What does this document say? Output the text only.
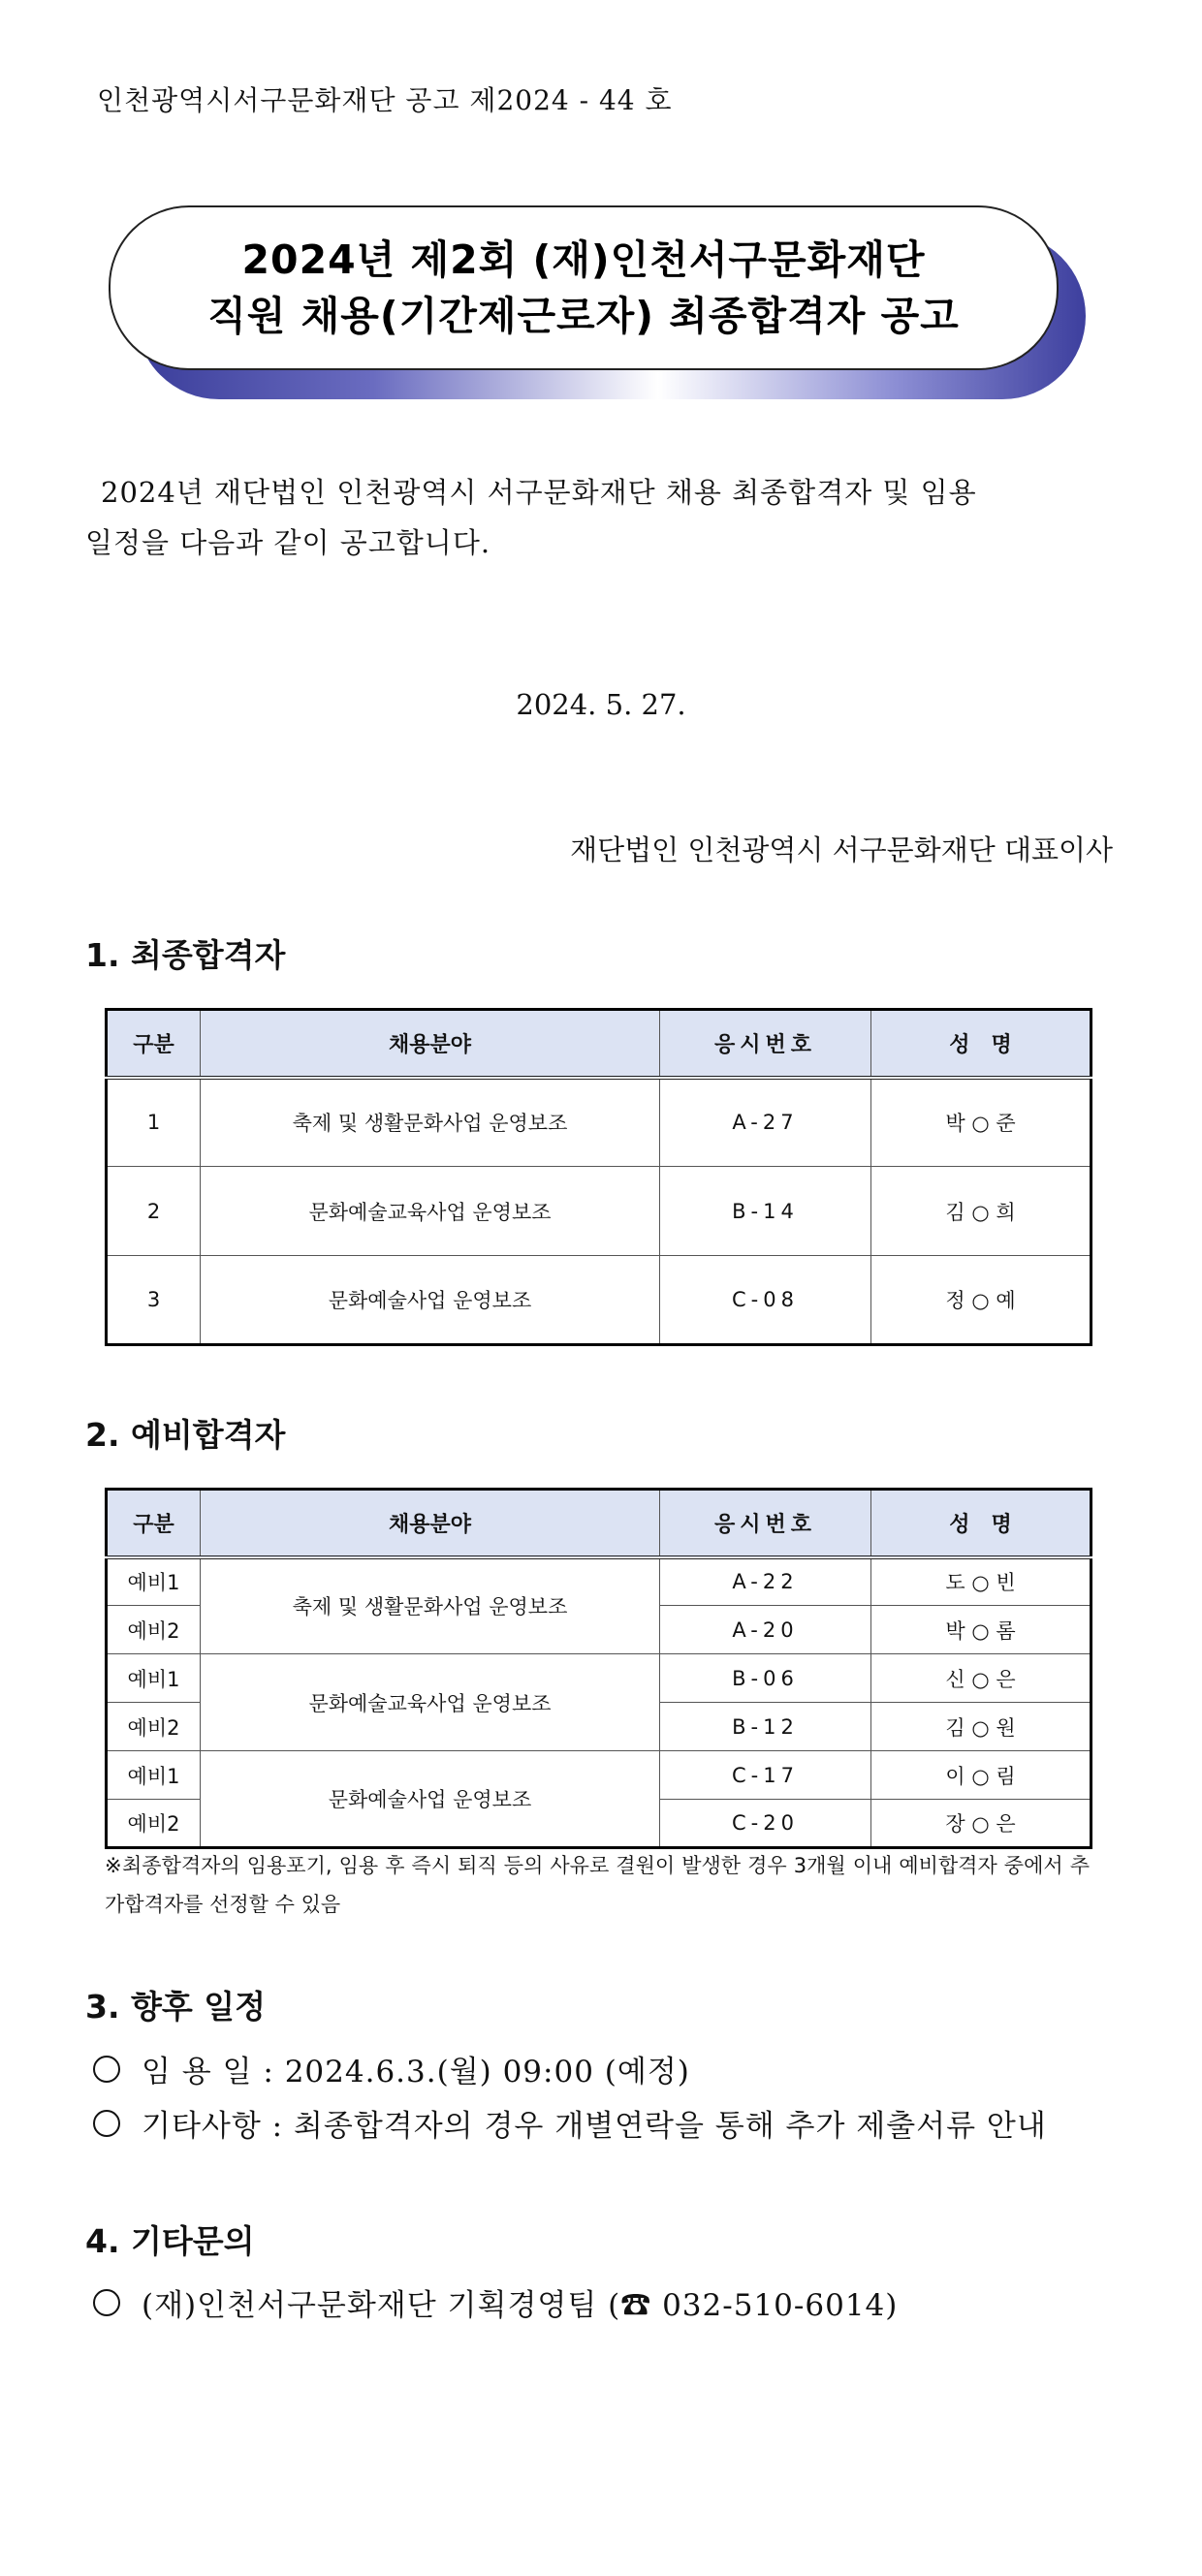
인천광역시서구문화재단 공고 제2024 - 44 호
2024년 제2회 (재)인천서구문화재단
직원 채용(기간제근로자) 최종합격자 공고
2024년 재단법인 인천광역시 서구문화재단 채용 최종합격자 및 임용
일정을 다음과 같이 공고합니다.
2024. 5. 27.
재단법인 인천광역시 서구문화재단 대표이사
1. 최종합격자
구분	채용분야	응시번호	성　명
1	축제 및 생활문화사업 운영보조	A-27	박 ○ 준
2	문화예술교육사업 운영보조	B-14	김 ○ 희
3	문화예술사업 운영보조	C-08	정 ○ 예
2. 예비합격자
구분	채용분야	응시번호	성　명
예비1	축제 및 생활문화사업 운영보조	A-22	도 ○ 빈
예비2		A-20	박 ○ 롬
예비1	문화예술교육사업 운영보조	B-06	신 ○ 은
예비2		B-12	김 ○ 원
예비1	문화예술사업 운영보조	C-17	이 ○ 림
예비2		C-20	장 ○ 은
※최종합격자의 임용포기, 임용 후 즉시 퇴직 등의 사유로 결원이 발생한 경우 3개월 이내 예비합격자 중에서 추가합격자를 선정할 수 있음
3. 향후 일정
임 용 일 : 2024.6.3.(월) 09:00 (예정)
기타사항 : 최종합격자의 경우 개별연락을 통해 추가 제출서류 안내
4. 기타문의
(재)인천서구문화재단 기획경영팀 (☎ 032-510-6014)
